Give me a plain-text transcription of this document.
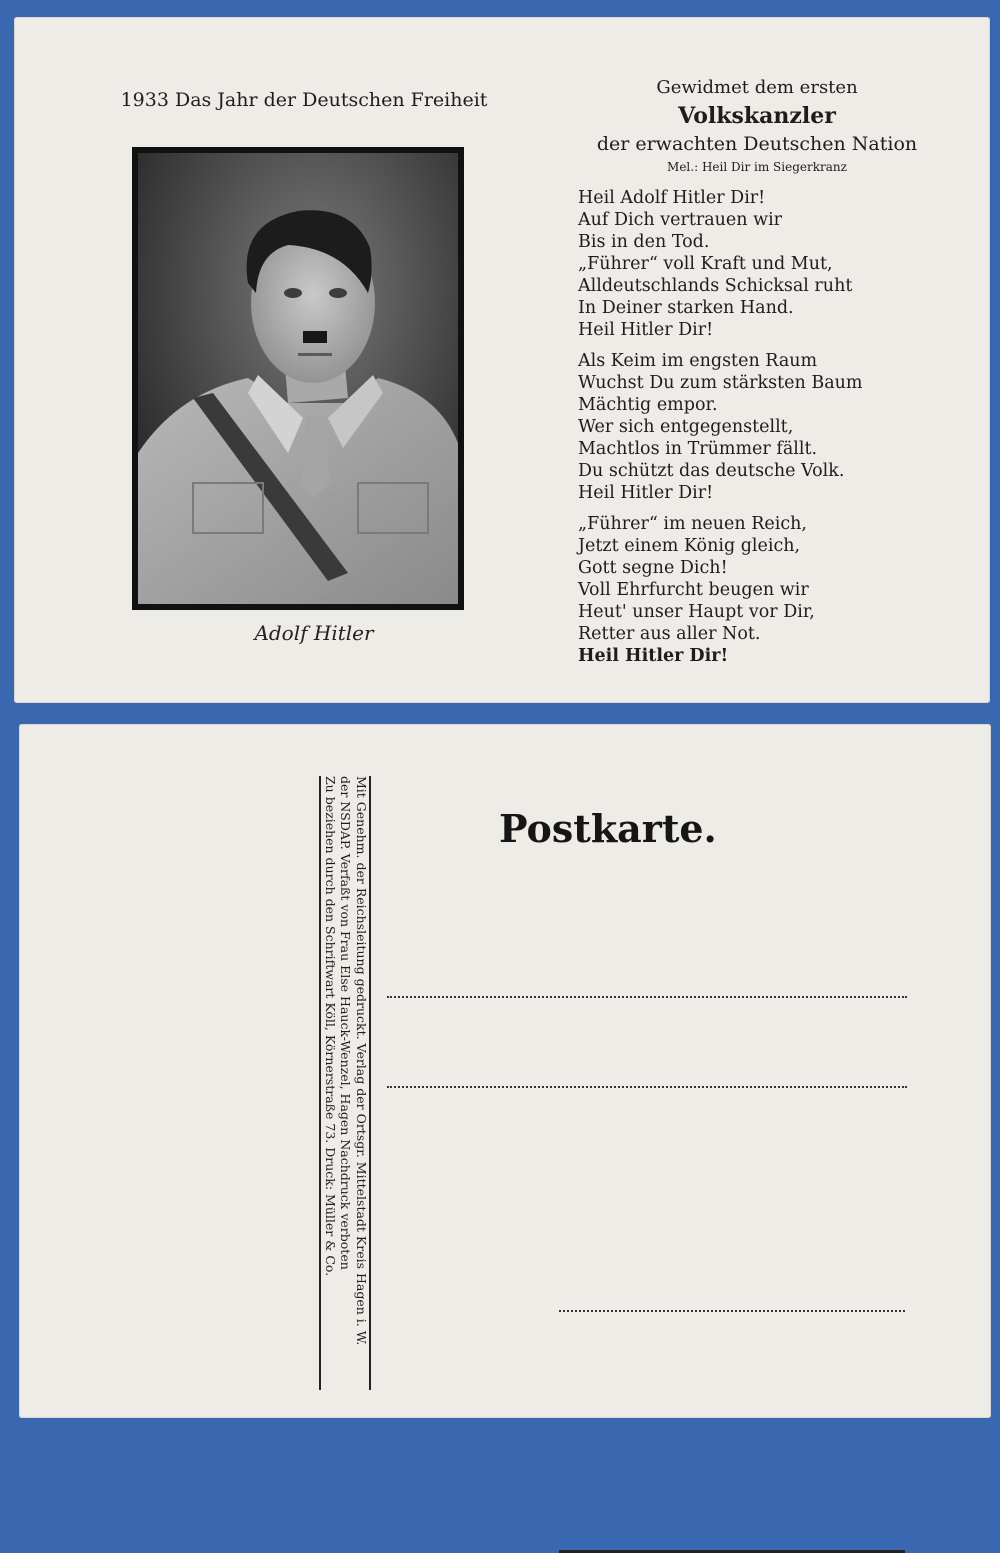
1933 Das Jahr der Deutschen Freiheit
Adolf Hitler
Gewidmet dem ersten
Volkskanzler
der erwachten Deutschen Nation
Mel.: Heil Dir im Siegerkranz
Heil Adolf Hitler Dir!
Auf Dich vertrauen wir
Bis in den Tod.
„Führer“ voll Kraft und Mut,
Alldeutschlands Schicksal ruht
In Deiner starken Hand.
Heil Hitler Dir!
Als Keim im engsten Raum
Wuchst Du zum stärksten Baum
Mächtig empor.
Wer sich entgegenstellt,
Machtlos in Trümmer fällt.
Du schützt das deutsche Volk.
Heil Hitler Dir!
„Führer“ im neuen Reich,
Jetzt einem König gleich,
Gott segne Dich!
Voll Ehrfurcht beugen wir
Heut' unser Haupt vor Dir,
Retter aus aller Not.
Heil Hitler Dir!
Mit Genehm. der Reichsleitung gedruckt. Verlag der Ortsgr. Mittelstadt Kreis Hagen i. W.
der NSDAP. Verfaßt von Frau Else Hauck-Wenzel, Hagen Nachdruck verboten
Zu beziehen durch den Schriftwart Köll, Körnerstraße 73. Druck: Müller & Co.	Postkarte.
